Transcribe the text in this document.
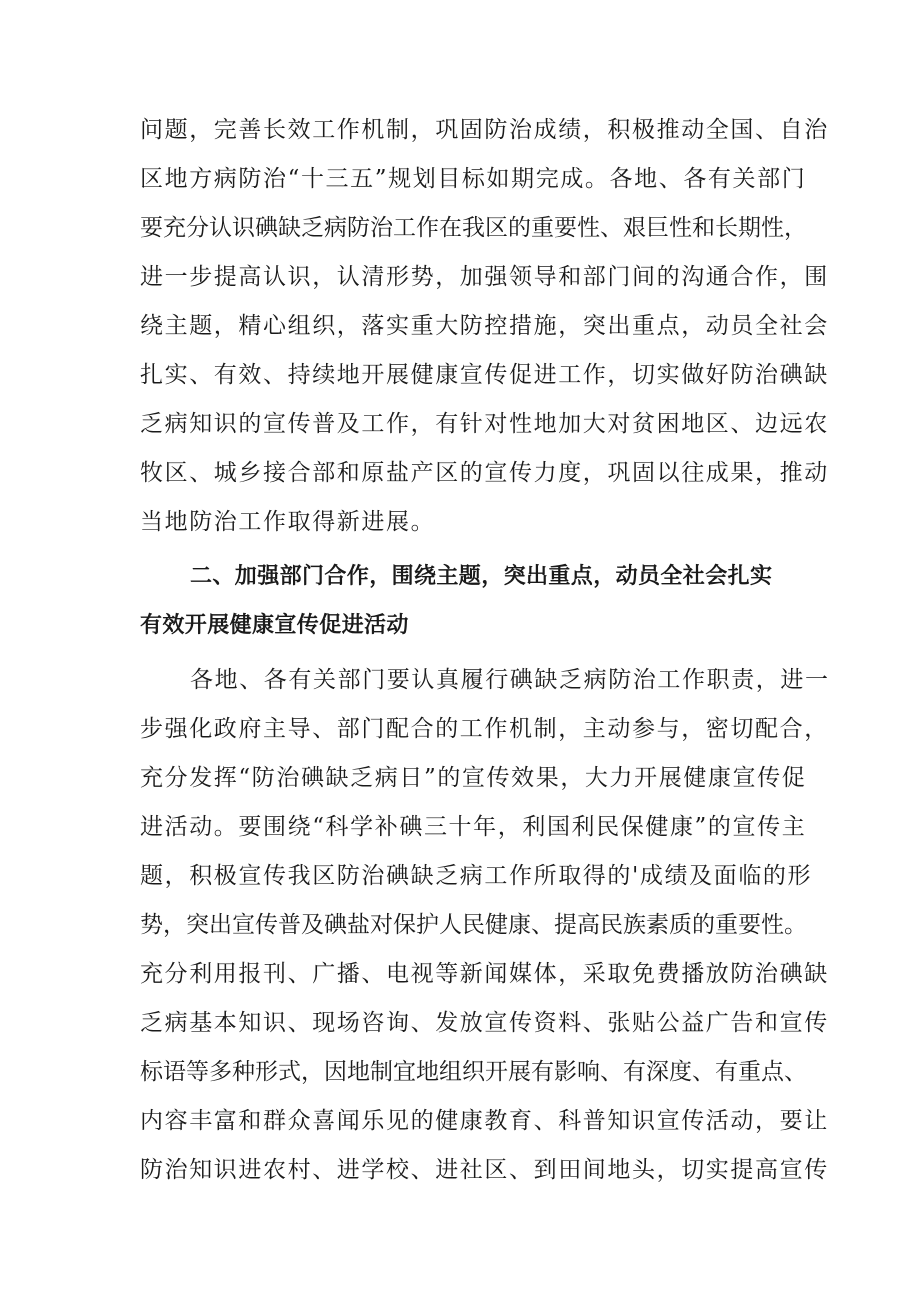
问题，完善长效工作机制，巩固防治成绩，积极推动全国、自治
区地方病防治“十三五”规划目标如期完成。各地、各有关部门
要充分认识碘缺乏病防治工作在我区的重要性、艰巨性和长期性，
进一步提高认识，认清形势，加强领导和部门间的沟通合作，围
绕主题，精心组织，落实重大防控措施，突出重点，动员全社会
扎实、有效、持续地开展健康宣传促进工作，切实做好防治碘缺
乏病知识的宣传普及工作，有针对性地加大对贫困地区、边远农
牧区、城乡接合部和原盐产区的宣传力度，巩固以往成果，推动
当地防治工作取得新进展。
二、加强部门合作，围绕主题，突出重点，动员全社会扎实
有效开展健康宣传促进活动
各地、各有关部门要认真履行碘缺乏病防治工作职责，进一
步强化政府主导、部门配合的工作机制，主动参与，密切配合，
充分发挥“防治碘缺乏病日”的宣传效果，大力开展健康宣传促
进活动。要围绕“科学补碘三十年，利国利民保健康”的宣传主
题，积极宣传我区防治碘缺乏病工作所取得的'成绩及面临的形
势，突出宣传普及碘盐对保护人民健康、提高民族素质的重要性。
充分利用报刊、广播、电视等新闻媒体，采取免费播放防治碘缺
乏病基本知识、现场咨询、发放宣传资料、张贴公益广告和宣传
标语等多种形式，因地制宜地组织开展有影响、有深度、有重点、
内容丰富和群众喜闻乐见的健康教育、科普知识宣传活动，要让
防治知识进农村、进学校、进社区、到田间地头，切实提高宣传
